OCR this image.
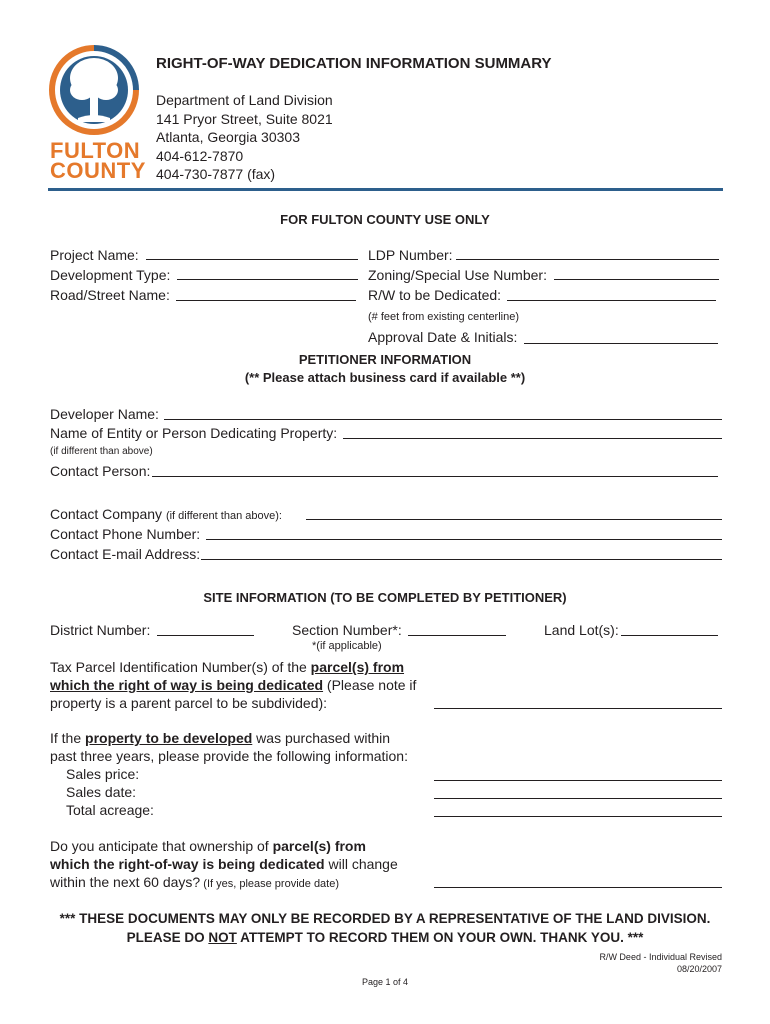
FULTON
COUNTY
RIGHT-OF-WAY DEDICATION INFORMATION SUMMARY
Department of Land Division
141 Pryor Street, Suite 8021
Atlanta, Georgia 30303
404-612-7870
404-730-7877 (fax)
FOR FULTON COUNTY USE ONLY
Project Name:
Development Type:
Road/Street Name:
LDP Number:
Zoning/Special Use Number:
R/W to be Dedicated:
(# feet from existing centerline)
Approval Date & Initials:
PETITIONER INFORMATION
(** Please attach business card if available **)
Developer Name:
Name of Entity or Person Dedicating Property:
(if different than above)
Contact Person:
Contact Company (if different than above):
Contact Phone Number:
Contact E-mail Address:
SITE INFORMATION (TO BE COMPLETED BY PETITIONER)
District Number:	Section Number*:	Land Lot(s):
*(if applicable)
Tax Parcel Identification Number(s) of the parcel(s) from
which the right of way is being dedicated (Please note if
property is a parent parcel to be subdivided):
If the property to be developed was purchased within
past three years, please provide the following information:
Sales price:
Sales date:
Total acreage:
Do you anticipate that ownership of parcel(s) from
which the right-of-way is being dedicated will change
within the next 60 days? (If yes, please provide date)
*** THESE DOCUMENTS MAY ONLY BE RECORDED BY A REPRESENTATIVE OF THE LAND DIVISION.
PLEASE DO NOT ATTEMPT TO RECORD THEM ON YOUR OWN. THANK YOU. ***
R/W Deed - Individual Revised
08/20/2007
Page 1 of 4
